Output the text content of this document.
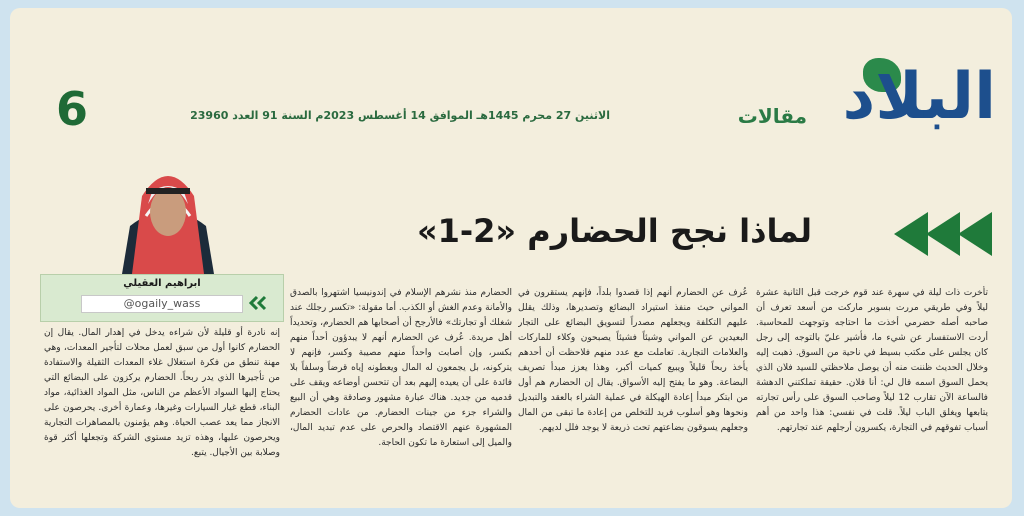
البلاد
مقالات
الاثنين 27 محرم 1445هـ الموافق 14 أغسطس 2023م السنة 91 العدد 23960
6
لماذا نجح الحضارم «2-1»
ابراهيم العقيلي
@ogaily_wass

تأخرت ذات ليلة في سهرة عند قوم خرجت قبل الثانية عشرة ليلاً وفي طريقي مررت بسوبر ماركت من أسعد تعرف أن صاحبه أصله حضرمي أخذت ما احتاجه وتوجهت للمحاسبة. أردت الاستفسار عن شيء ما، فأشير عليّ بالتوجه إلى رجل كان يجلس على مكتب بسيط في ناحية من السوق. ذهبت إليه وخلال الحديث ظننت منه أن يوصل ملاحظتي للسيد فلان الذي يحمل السوق اسمه قال لي: أنا فلان. حقيقة تملكتني الدهشة فالساعة الآن تقارب 12 ليلاً وصاحب السوق على رأس تجارته يتابعها ويغلق الباب ليلاً. قلت في نفسي: هذا واحد من أهم أسباب تفوقهم في التجارة، يكسرون أرجلهم عند تجارتهم.

عُرف عن الحضارم أنهم إذا قصدوا بلداً، فإنهم يستقرون في المواني حيث منفذ استيراد البضائع وتصديرها، وذلك يقلل عليهم التكلفة ويجعلهم مصدراً لتسويق البضائع على التجار البعيدين عن المواني وشيئاً فشيئاً يصبحون وكلاء للماركات والعلامات التجارية. تعاملت مع عدد منهم فلاحظت أن أحدهم يأخذ ربحاً قليلاً ويبيع كميات أكبر، وهذا يعزز مبدأ تصريف البضاعة. وهو ما يفتح إليه الأسواق. يقال إن الحضارم هم أول من ابتكر مبدأ إعادة الهيكلة في عملية الشراء بالعقد والتبديل ونحوها وهو أسلوب فريد للتخلص من إعادة ما تبقى من المال وجعلهم يسوقون بضاعتهم تحت ذريعة لا يوجد فلل لديهم.

الحضارم منذ نشرهم الإسلام في إندونيسيا اشتهروا بالصدق والأمانة وعدم الغش أو الكذب. أما مقولة: «تكسر رجلك عند شغلك أو تجارتك» فالأرجح أن أصحابها هم الحضارم، وتحديداً أهل مريدة. عُرف عن الحضارم أنهم لا يبدؤون أحداً منهم بكسر، وإن أصابت واحداً منهم مصيبة وكسر، فإنهم لا يتركونه، بل يجمعون له المال ويعطونه إياه قرضاً وسلفاً بلا فائدة على أن يعيده إليهم بعد أن تتحسن أوضاعه ويقف على قدميه من جديد. هناك عبارة مشهور وصادقة وهي أن البيع والشراء جزء من جينات الحضارم. من عادات الحضارم المشهورة عنهم الاقتصاد والحرص على عدم تبديد المال، والميل إلى استعارة ما تكون الحاجة.

إنه نادرة أو قليلة لأن شراءه يدخل في إهدار المال. يقال إن الحضارم كانوا أول من سبق لعمل محلات لتأجير المعدات، وهي مهنة تنطق من فكرة استغلال غلاء المعدات الثقيلة والاستفادة من تأجيرها الذي يدر ربحاً. الحضارم يركزون على البضائع التي يحتاج إليها السواد الأعظم من الناس، مثل المواد الغذائية، مواد البناء، قطع غيار السيارات وغيرها، وعمارة أخرى. يحرصون على الانجاز مما يعد عصب الحياة. وهم يؤمنون بالمصاهرات التجارية ويحرصون عليها، وهذه تزيد مستوى الشركة وتجعلها أكثر قوة وصلابة بين الأجيال. يتبع.
